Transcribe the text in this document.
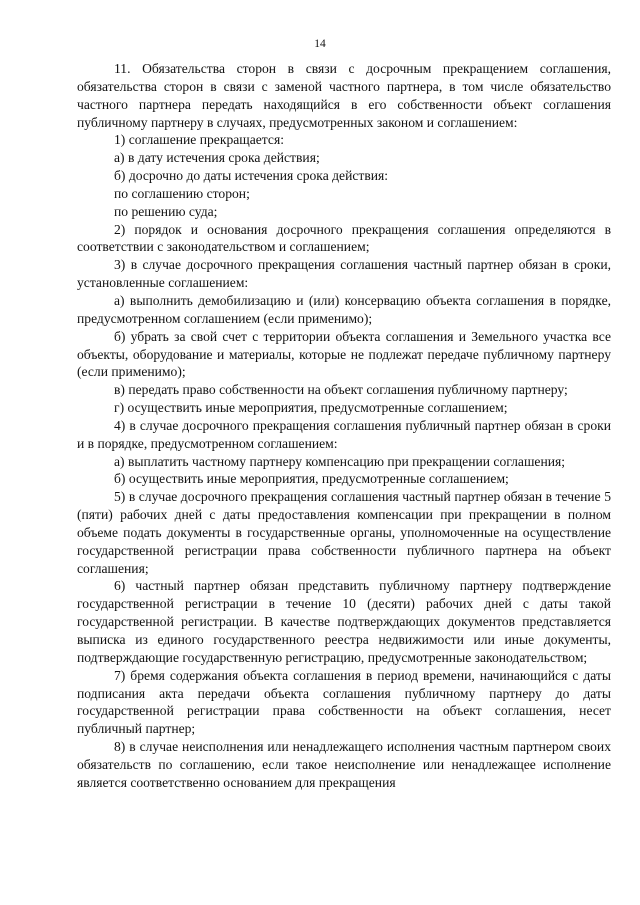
14

11. Обязательства сторон в связи с досрочным прекращением соглашения, обязательства сторон в связи с заменой частного партнера, в том числе обязательство частного партнера передать находящийся в его собственности объект соглашения публичному партнеру в случаях, предусмотренных законом и соглашением:

1) соглашение прекращается:

а) в дату истечения срока действия;

б) досрочно до даты истечения срока действия:

по соглашению сторон;

по решению суда;

2) порядок и основания досрочного прекращения соглашения определяются в соответствии с законодательством и соглашением;

3) в случае досрочного прекращения соглашения частный партнер обязан в сроки, установленные соглашением:

а) выполнить демобилизацию и (или) консервацию объекта соглашения в порядке, предусмотренном соглашением (если применимо);

б) убрать за свой счет с территории объекта соглашения и Земельного участка все объекты, оборудование и материалы, которые не подлежат передаче публичному партнеру (если применимо);

в) передать право собственности на объект соглашения публичному партнеру;

г) осуществить иные мероприятия, предусмотренные соглашением;

4) в случае досрочного прекращения соглашения публичный партнер обязан в сроки и в порядке, предусмотренном соглашением:

а) выплатить частному партнеру компенсацию при прекращении соглашения;

б) осуществить иные мероприятия, предусмотренные соглашением;

5) в случае досрочного прекращения соглашения частный партнер обязан в течение 5 (пяти) рабочих дней с даты предоставления компенсации при прекращении в полном объеме подать документы в государственные органы, уполномоченные на осуществление государственной регистрации права собственности публичного партнера на объект соглашения;

6) частный партнер обязан представить публичному партнеру подтверждение государственной регистрации в течение 10 (десяти) рабочих дней с даты такой государственной регистрации. В качестве подтверждающих документов представляется выписка из единого государственного реестра недвижимости или иные документы, подтверждающие государственную регистрацию, предусмотренные законодательством;

7) бремя содержания объекта соглашения в период времени, начинающийся с даты подписания акта передачи объекта соглашения публичному партнеру до даты государственной регистрации права собственности на объект соглашения, несет публичный партнер;

8) в случае неисполнения или ненадлежащего исполнения частным партнером своих обязательств по соглашению, если такое неисполнение или ненадлежащее исполнение является соответственно основанием для прекращения
